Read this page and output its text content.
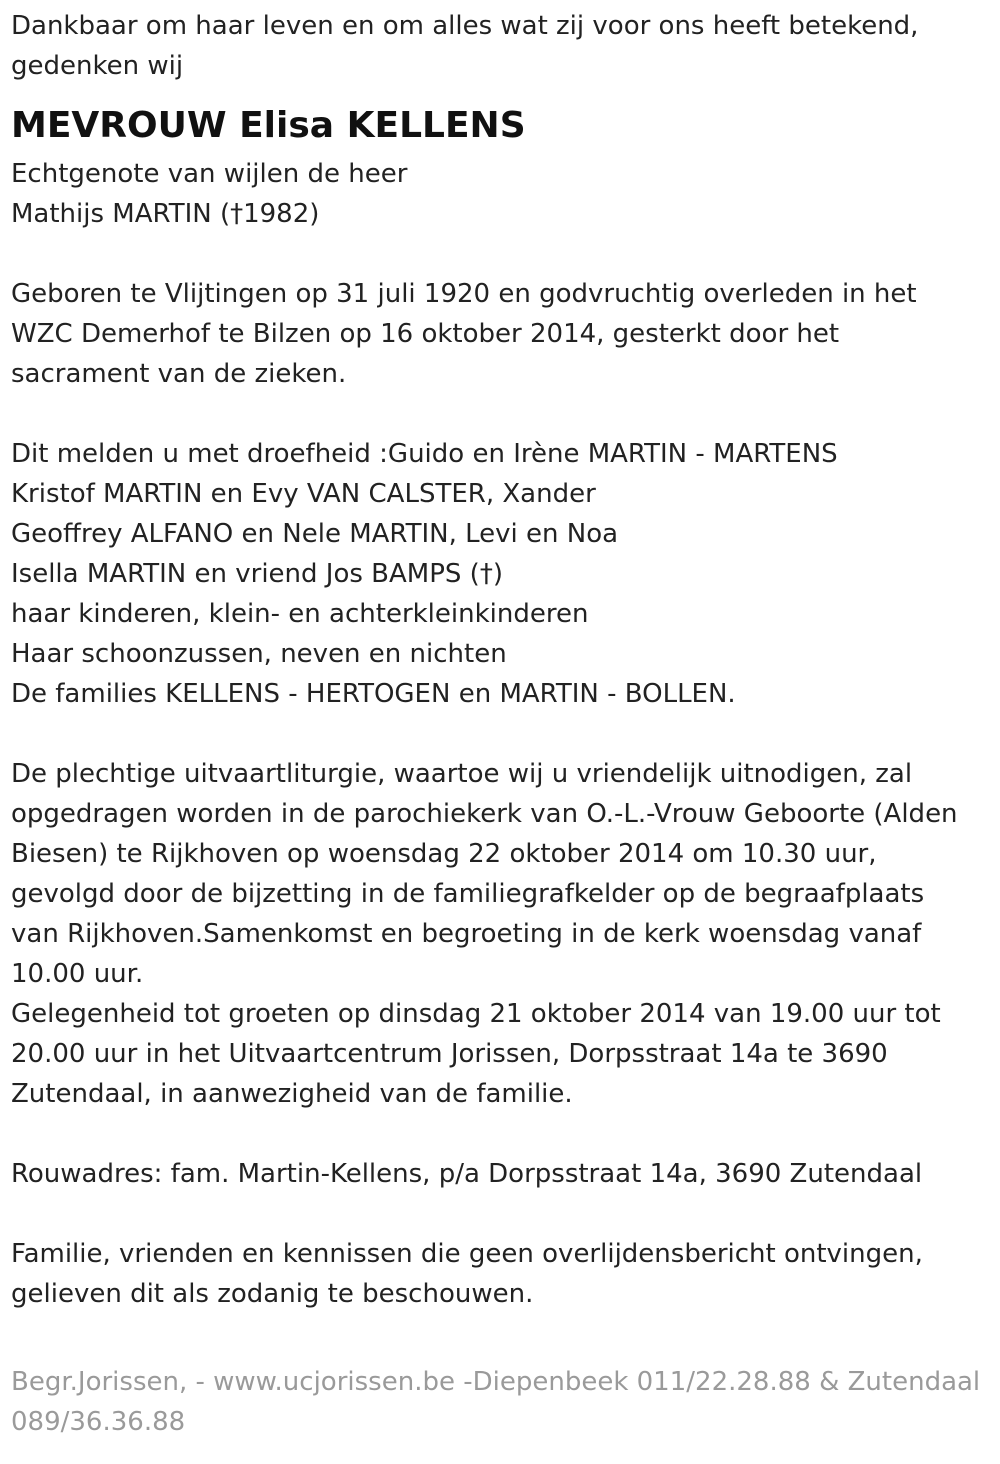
Dankbaar om haar leven en om alles wat zij voor ons heeft betekend,
gedenken wij
MEVROUW Elisa KELLENS
Echtgenote van wijlen de heer
Mathijs MARTIN (†1982)
Geboren te Vlijtingen op 31 juli 1920 en godvruchtig overleden in het
WZC Demerhof te Bilzen op 16 oktober 2014, gesterkt door het
sacrament van de zieken.
Dit melden u met droefheid :Guido en Irène MARTIN - MARTENS
Kristof MARTIN en Evy VAN CALSTER, Xander
Geoffrey ALFANO en Nele MARTIN, Levi en Noa
Isella MARTIN en vriend Jos BAMPS (†)
haar kinderen, klein- en achterkleinkinderen
Haar schoonzussen, neven en nichten
De families KELLENS - HERTOGEN en MARTIN - BOLLEN.
De plechtige uitvaartliturgie, waartoe wij u vriendelijk uitnodigen, zal
opgedragen worden in de parochiekerk van O.-L.-Vrouw Geboorte (Alden
Biesen) te Rijkhoven op woensdag 22 oktober 2014 om 10.30 uur,
gevolgd door de bijzetting in de familiegrafkelder op de begraafplaats
van Rijkhoven.Samenkomst en begroeting in de kerk woensdag vanaf
10.00 uur.
Gelegenheid tot groeten op dinsdag 21 oktober 2014 van 19.00 uur tot
20.00 uur in het Uitvaartcentrum Jorissen, Dorpsstraat 14a te 3690
Zutendaal, in aanwezigheid van de familie.
Rouwadres: fam. Martin-Kellens, p/a Dorpsstraat 14a, 3690 Zutendaal
Familie, vrienden en kennissen die geen overlijdensbericht ontvingen,
gelieven dit als zodanig te beschouwen.
Begr.Jorissen, - www.ucjorissen.be -Diepenbeek 011/22.28.88 & Zutendaal
089/36.36.88
